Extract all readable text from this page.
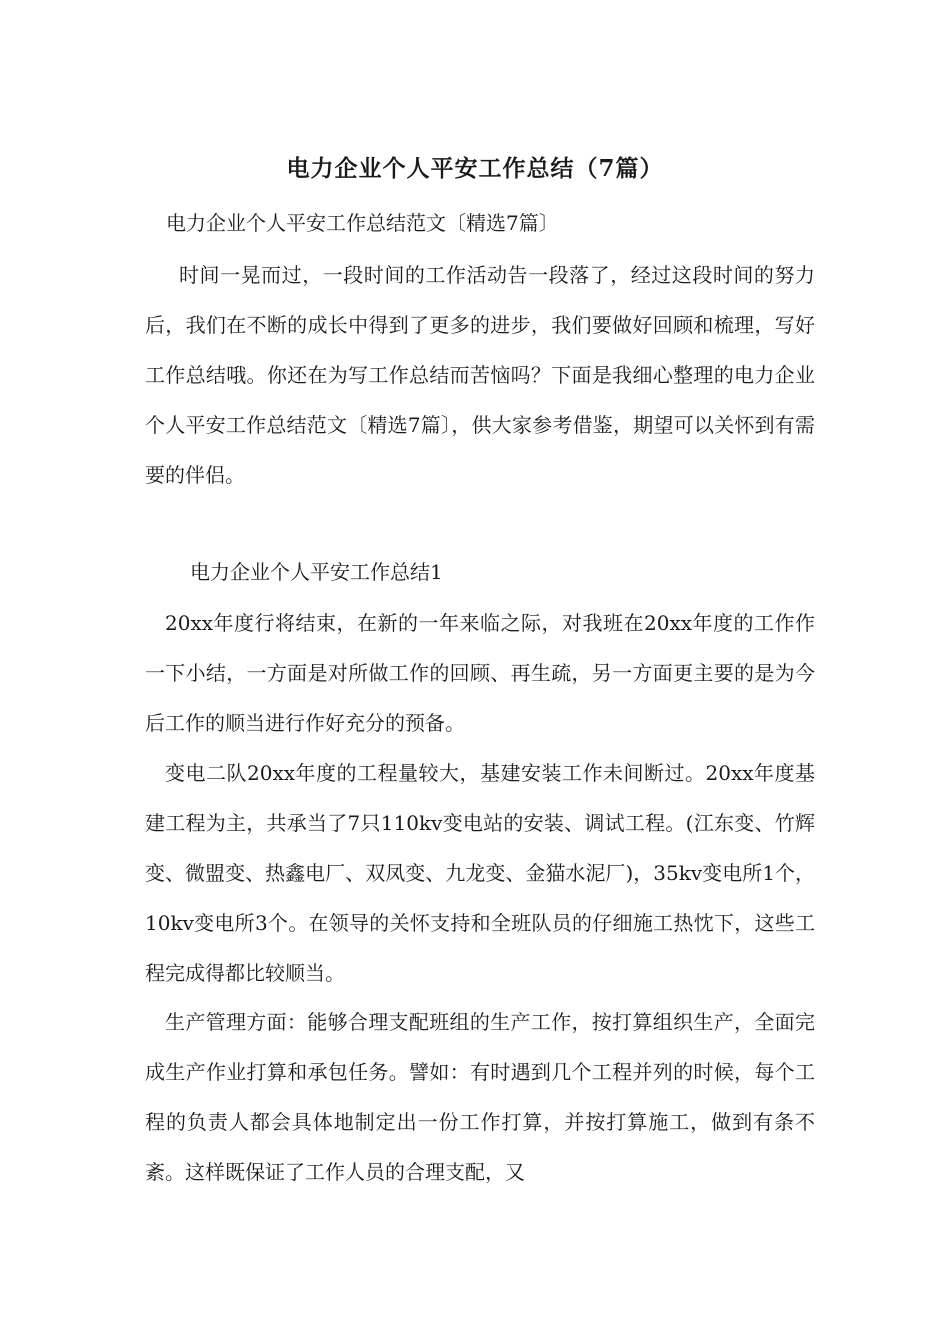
电力企业个人平安工作总结（7篇）
电力企业个人平安工作总结范文〔精选7篇〕

时间一晃而过，一段时间的工作活动告一段落了，经过这段时间的努力后，我们在不断的成长中得到了更多的进步，我们要做好回顾和梳理，写好工作总结哦。你还在为写工作总结而苦恼吗？下面是我细心整理的电力企业个人平安工作总结范文〔精选7篇〕，供大家参考借鉴，期望可以关怀到有需要的伴侣。

电力企业个人平安工作总结1

20xx年度行将结束，在新的一年来临之际，对我班在20xx年度的工作作一下小结，一方面是对所做工作的回顾、再生疏，另一方面更主要的是为今后工作的顺当进行作好充分的预备。

变电二队20xx年度的工程量较大，基建安装工作未间断过。20xx年度基建工程为主，共承当了7只110kv变电站的安装、调试工程。(江东变、竹辉变、微盟变、热鑫电厂、双凤变、九龙变、金猫水泥厂)，35kv变电所1个，10kv变电所3个。在领导的关怀支持和全班队员的仔细施工热忱下，这些工程完成得都比较顺当。

生产管理方面：能够合理支配班组的生产工作，按打算组织生产，全面完成生产作业打算和承包任务。譬如：有时遇到几个工程并列的时候，每个工程的负责人都会具体地制定出一份工作打算，并按打算施工，做到有条不紊。这样既保证了工作人员的合理支配，又
